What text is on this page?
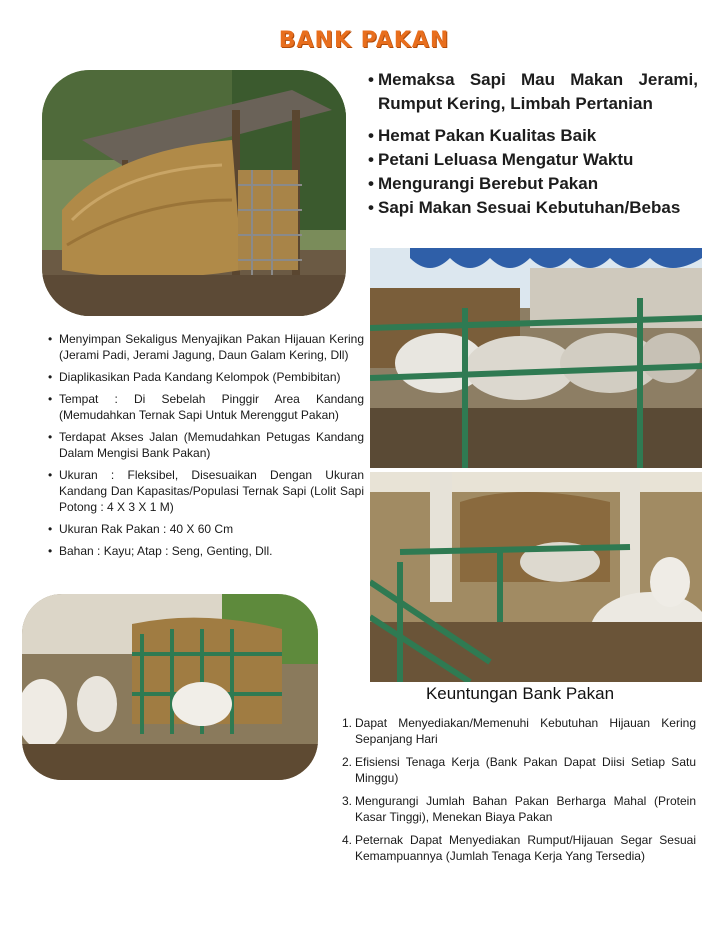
BANK PAKAN
• Memaksa Sapi Mau Makan Jerami, Rumput Kering, Limbah Pertanian
• Hemat Pakan Kualitas Baik
• Petani Leluasa Mengatur Waktu
• Mengurangi Berebut Pakan
• Sapi Makan Sesuai Kebutuhan/Bebas
• Menyimpan Sekaligus Menyajikan Pakan Hijauan Kering (Jerami Padi, Jerami Jagung, Daun Galam Kering, Dll)
• Diaplikasikan Pada Kandang Kelompok (Pembibitan)
• Tempat : Di Sebelah Pinggir Area Kandang (Memudahkan Ternak Sapi Untuk Merenggut Pakan)
• Terdapat Akses Jalan (Memudahkan Petugas Kandang Dalam Mengisi Bank Pakan)
• Ukuran : Fleksibel, Disesuaikan Dengan Ukuran Kandang Dan Kapasitas/Populasi Ternak Sapi (Lolit Sapi Potong : 4 X 3 X 1 M)
• Ukuran Rak Pakan : 40 X 60 Cm
• Bahan : Kayu; Atap : Seng, Genting, Dll.
Keuntungan Bank Pakan
1. Dapat Menyediakan/Memenuhi Kebutuhan Hijauan Kering Sepanjang Hari
2. Efisiensi Tenaga Kerja (Bank Pakan Dapat Diisi Setiap Satu Minggu)
3. Mengurangi Jumlah Bahan Pakan Berharga Mahal (Protein Kasar Tinggi), Menekan Biaya Pakan
4. Peternak Dapat Menyediakan Rumput/Hijauan Segar Sesuai Kemampuannya (Jumlah Tenaga Kerja Yang Tersedia)
